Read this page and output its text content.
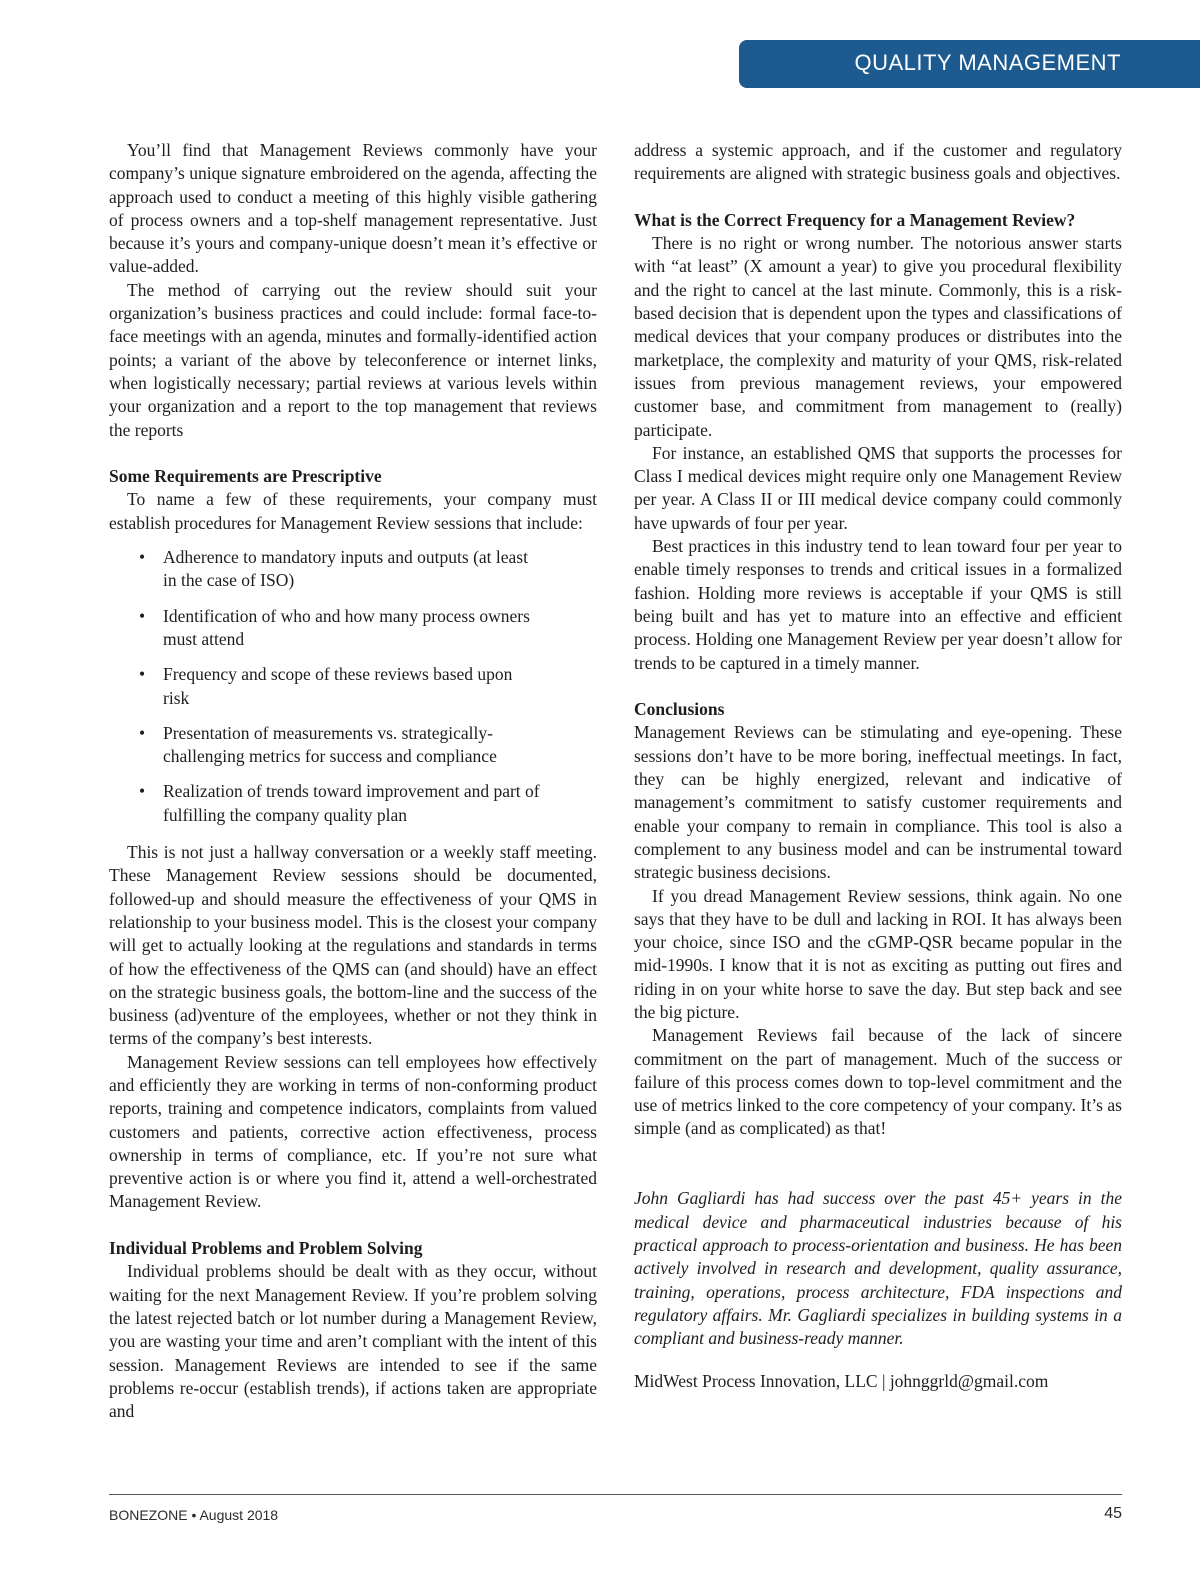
QUALITY MANAGEMENT

You’ll find that Management Reviews commonly have your company’s unique signature embroidered on the agenda, affecting the approach used to conduct a meeting of this highly visible gathering of process owners and a top-shelf management representative. Just because it’s yours and company-unique doesn’t mean it’s effective or value-added.

The method of carrying out the review should suit your organization’s business practices and could include: formal face-to-face meetings with an agenda, minutes and formally-identified action points; a variant of the above by teleconference or internet links, when logistically necessary; partial reviews at various levels within your organization and a report to the top management that reviews the reports

Some Requirements are Prescriptive

To name a few of these requirements, your company must establish procedures for Management Review sessions that include:

• Adherence to mandatory inputs and outputs (at least in the case of ISO)
• Identification of who and how many process owners must attend
• Frequency and scope of these reviews based upon risk
• Presentation of measurements vs. strategically-challenging metrics for success and compliance
• Realization of trends toward improvement and part of fulfilling the company quality plan

This is not just a hallway conversation or a weekly staff meeting. These Management Review sessions should be documented, followed-up and should measure the effectiveness of your QMS in relationship to your business model. This is the closest your company will get to actually looking at the regulations and standards in terms of how the effectiveness of the QMS can (and should) have an effect on the strategic business goals, the bottom-line and the success of the business (ad)venture of the employees, whether or not they think in terms of the company’s best interests.

Management Review sessions can tell employees how effectively and efficiently they are working in terms of non-conforming product reports, training and competence indicators, complaints from valued customers and patients, corrective action effectiveness, process ownership in terms of compliance, etc. If you’re not sure what preventive action is or where you find it, attend a well-orchestrated Management Review.

Individual Problems and Problem Solving

Individual problems should be dealt with as they occur, without waiting for the next Management Review. If you’re problem solving the latest rejected batch or lot number during a Management Review, you are wasting your time and aren’t compliant with the intent of this session. Management Reviews are intended to see if the same problems re-occur (establish trends), if actions taken are appropriate and

address a systemic approach, and if the customer and regulatory requirements are aligned with strategic business goals and objectives.

What is the Correct Frequency for a Management Review?

There is no right or wrong number. The notorious answer starts with “at least” (X amount a year) to give you procedural flexibility and the right to cancel at the last minute. Commonly, this is a risk-based decision that is dependent upon the types and classifications of medical devices that your company produces or distributes into the marketplace, the complexity and maturity of your QMS, risk-related issues from previous management reviews, your empowered customer base, and commitment from management to (really) participate.

For instance, an established QMS that supports the processes for Class I medical devices might require only one Management Review per year. A Class II or III medical device company could commonly have upwards of four per year.

Best practices in this industry tend to lean toward four per year to enable timely responses to trends and critical issues in a formalized fashion. Holding more reviews is acceptable if your QMS is still being built and has yet to mature into an effective and efficient process. Holding one Management Review per year doesn’t allow for trends to be captured in a timely manner.

Conclusions

Management Reviews can be stimulating and eye-opening. These sessions don’t have to be more boring, ineffectual meetings. In fact, they can be highly energized, relevant and indicative of management’s commitment to satisfy customer requirements and enable your company to remain in compliance. This tool is also a complement to any business model and can be instrumental toward strategic business decisions.

If you dread Management Review sessions, think again. No one says that they have to be dull and lacking in ROI. It has always been your choice, since ISO and the cGMP-QSR became popular in the mid-1990s. I know that it is not as exciting as putting out fires and riding in on your white horse to save the day. But step back and see the big picture.

Management Reviews fail because of the lack of sincere commitment on the part of management. Much of the success or failure of this process comes down to top-level commitment and the use of metrics linked to the core competency of your company. It’s as simple (and as complicated) as that!

John Gagliardi has had success over the past 45+ years in the medical device and pharmaceutical industries because of his practical approach to process-orientation and business. He has been actively involved in research and development, quality assurance, training, operations, process architecture, FDA inspections and regulatory affairs. Mr. Gagliardi specializes in building systems in a compliant and business-ready manner.

MidWest Process Innovation, LLC | johnggrld@gmail.com

BONEZONE • August 2018	45
